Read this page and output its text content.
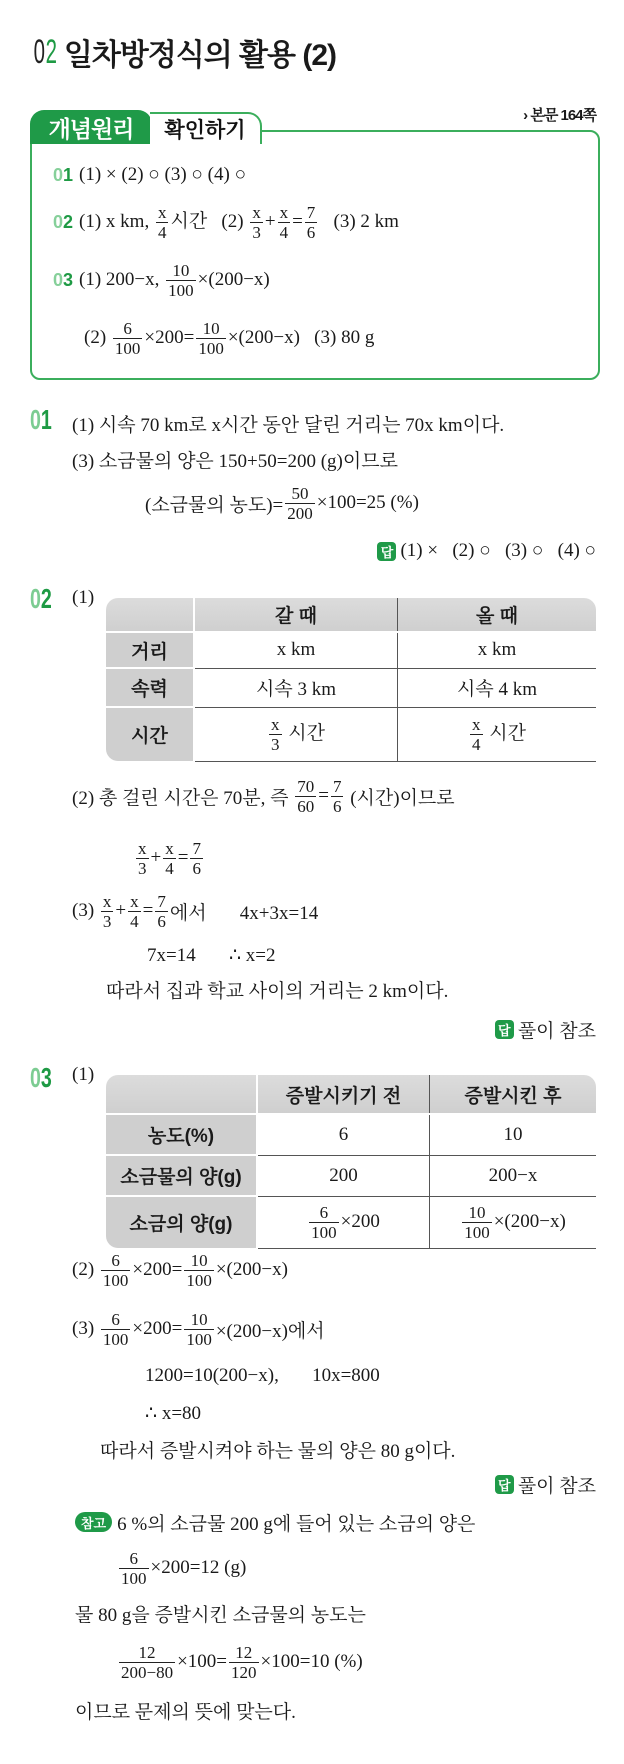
0 2 일차방정식의 활용 (2)
개념원리	확인하기
› 본문 164쪽
01 (1) × (2) ○ (3) ○ (4) ○
02 (1) x km, $\frac{x}{4}$ 시간   $(2) \frac{x}{3} + \frac{x}{4} = \frac{7}{6} (3)$ 2 km
03 (1) 200−x, $\frac{10}{100} \times(200-x)$
$(2) \frac{6}{100} \times 200= \frac{10}{100} \times(200-x)$   (3) 80 g
01 (1) 시속 70 km로 x시간 동안 달린 거리는 70x km이다.
(3) 소금물의 양은 150+50=200 (g)이므로
(소금물의 농도)= $\frac{50}{200} \times 100=25$ (%)
답 (1) ×   (2) ○   (3) ○   (4) ○
02 (1)
	갈 때	올 때
거리	x km	x km
속력	시속 3 km	시속 4 km
시간	$\frac{x}{3}$ 시간	$\frac{x}{4}$ 시간
(2) 총 걸린 시간은 70분, 즉 $\frac{70}{60} = \frac{7}{6}$ (시간)이므로
$\frac{x}{3} + \frac{x}{4} = \frac{7}{6}$
$(3) \frac{x}{3} + \frac{x}{4} = \frac{7}{6}$ 에서       4x+3x=14
7x=14       ∴ x=2
따라서 집과 학교 사이의 거리는 2 km이다.
답 풀이 참조
03 (1)
	증발시키기 전	증발시킨 후
농도(%)	6	10
소금물의 양(g)	200	200−x
소금의 양(g)	$\frac{6}{100} \times 200$	$\frac{10}{100} \times(200-x)$
$(2) \frac{6}{100} \times 200= \frac{10}{100} \times(200-x)$
$(3) \frac{6}{100} \times 200= \frac{10}{100} \times(200-x)$에서
1200=10(200−x),       10x=800
∴ x=80
따라서 증발시켜야 하는 물의 양은 80 g이다.
답 풀이 참조
참고 6 %의 소금물 200 g에 들어 있는 소금의 양은
$\frac{6}{100} \times 200=12$ (g)
물 80 g을 증발시킨 소금물의 농도는
$\frac{12}{200-80} \times 100= \frac{12}{120} \times 100=10$ (%)
이므로 문제의 뜻에 맞는다.
